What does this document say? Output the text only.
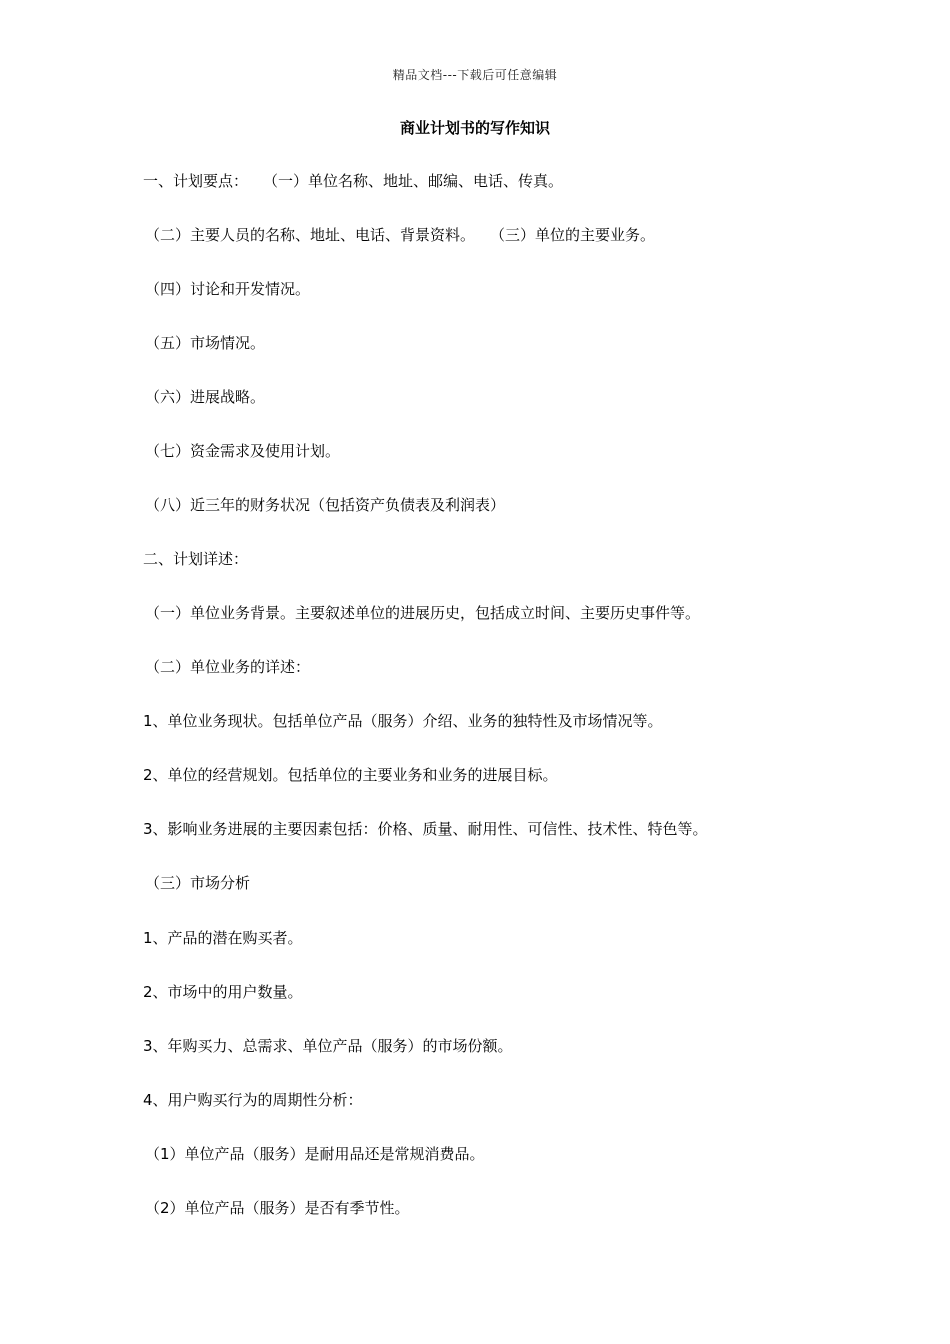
精品文档---下载后可任意编辑
商业计划书的写作知识
一、计划要点：　　（一）单位名称、地址、邮编、电话、传真。
（二）主要人员的名称、地址、电话、背景资料。　　（三）单位的主要业务。
（四）讨论和开发情况。
（五）市场情况。
（六）进展战略。
（七）资金需求及使用计划。
（八）近三年的财务状况（包括资产负债表及利润表）
二、计划详述：
（一）单位业务背景。主要叙述单位的进展历史，包括成立时间、主要历史事件等。
（二）单位业务的详述：
1、单位业务现状。包括单位产品（服务）介绍、业务的独特性及市场情况等。
2、单位的经营规划。包括单位的主要业务和业务的进展目标。
3、影响业务进展的主要因素包括：价格、质量、耐用性、可信性、技术性、特色等。
（三）市场分析
1、产品的潜在购买者。
2、市场中的用户数量。
3、年购买力、总需求、单位产品（服务）的市场份额。
4、用户购买行为的周期性分析：
（1）单位产品（服务）是耐用品还是常规消费品。
（2）单位产品（服务）是否有季节性。
